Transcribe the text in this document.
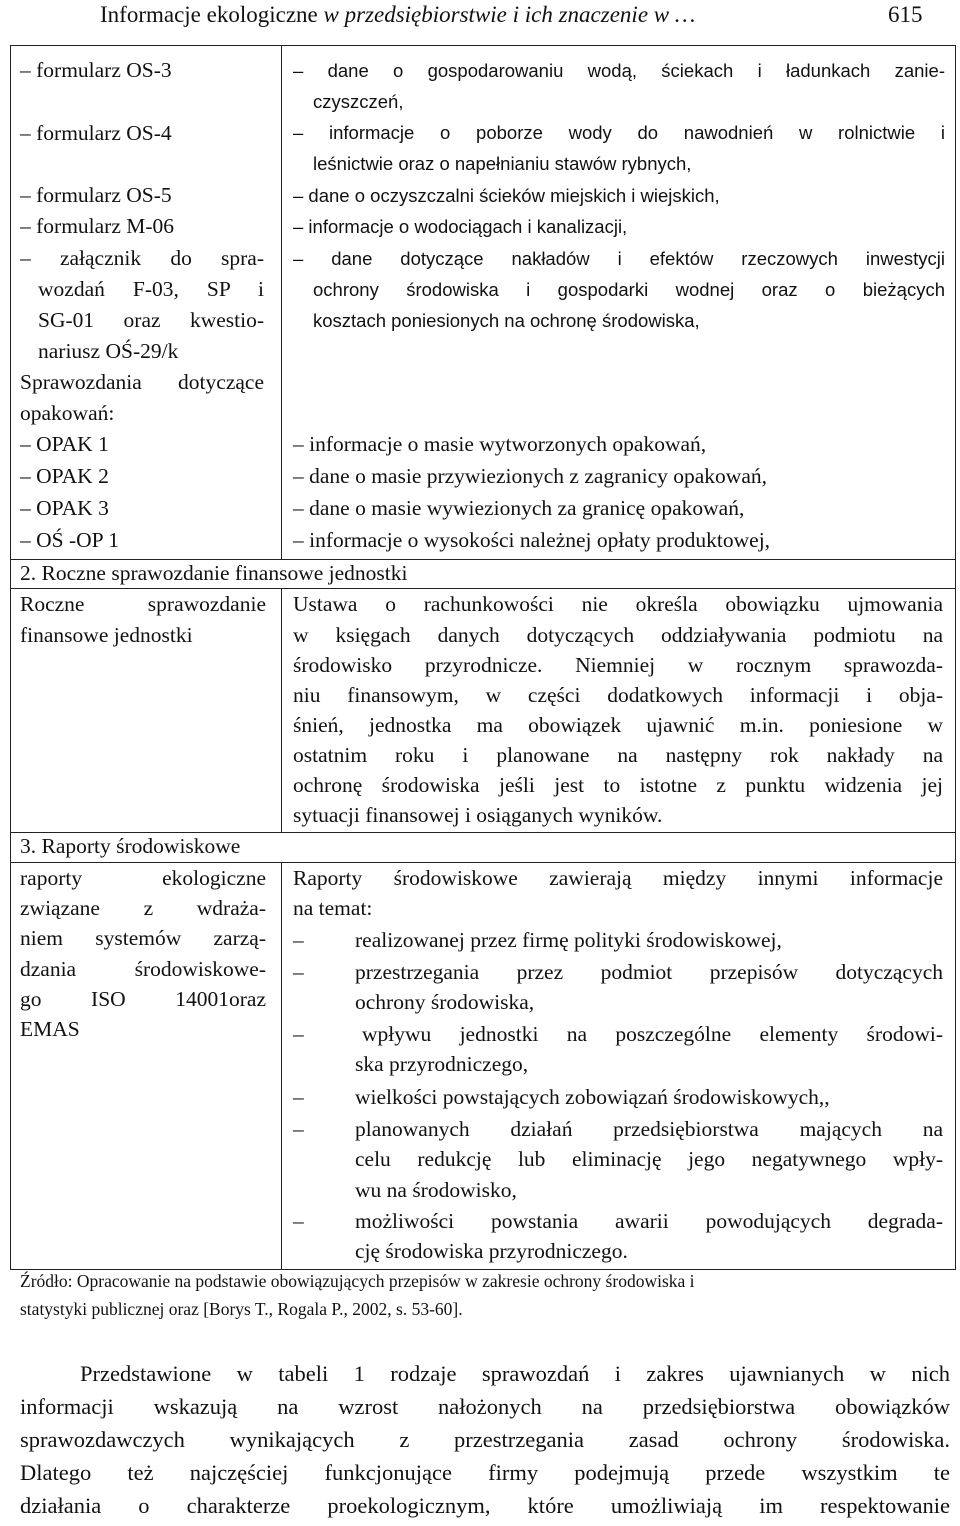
Informacje ekologiczne w przedsiębiorstwie i ich znaczenie w …	615
– formularz OS-3
– formularz OS-4
– formularz OS-5
– formularz M-06
– załącznik do spra-
wozdań F-03, SP i
SG-01 oraz kwestio-
nariusz OŚ-29/k
Sprawozdania dotyczące
opakowań:
– dane o gospodarowaniu wodą, ściekach i ładunkach zanie-
czyszczeń,
– informacje o poborze wody do nawodnień w rolnictwie i
leśnictwie oraz o napełnianiu stawów rybnych,
– dane o oczyszczalni ścieków miejskich i wiejskich,
– informacje o wodociągach i kanalizacji,
– dane dotyczące nakładów i efektów rzeczowych inwestycji
ochrony środowiska i gospodarki wodnej oraz o bieżących
kosztach poniesionych na ochronę środowiska,
– OPAK 1
– OPAK 2
– OPAK 3
– OŚ -OP 1
– informacje o masie wytworzonych opakowań,
– dane o masie przywiezionych z zagranicy opakowań,
– dane o masie wywiezionych za granicę opakowań,
– informacje o wysokości należnej opłaty produktowej,
2. Roczne sprawozdanie finansowe jednostki
Roczne sprawozdanie
finansowe jednostki
Ustawa o rachunkowości nie określa obowiązku ujmowania
w księgach danych dotyczących oddziaływania podmiotu na
środowisko przyrodnicze. Niemniej w rocznym sprawozda-
niu finansowym, w części dodatkowych informacji i obja-
śnień, jednostka ma obowiązek ujawnić m.in. poniesione w
ostatnim roku i planowane na następny rok nakłady na
ochronę środowiska jeśli jest to istotne z punktu widzenia jej
sytuacji finansowej i osiąganych wyników.
3. Raporty środowiskowe
raporty ekologiczne
związane z wdraża-
niem systemów zarzą-
dzania środowiskowe-
go ISO 14001oraz
EMAS
Raporty środowiskowe zawierają między innymi informacje
na temat:
– realizowanej przez firmę polityki środowiskowej,
– przestrzegania przez podmiot przepisów dotyczących
ochrony środowiska,
–	wpływu jednostki na poszczególne elementy środowi-
ska przyrodniczego,
– wielkości powstających zobowiązań środowiskowych,,
– planowanych działań przedsiębiorstwa mających na
celu redukcję lub eliminację jego negatywnego wpły-
wu na środowisko,
– możliwości powstania awarii powodujących degrada-
cję środowiska przyrodniczego.
Źródło: Opracowanie na podstawie obowiązujących przepisów w zakresie ochrony środowiska i
statystyki publicznej oraz [Borys T., Rogala P., 2002, s. 53-60].
Przedstawione w tabeli 1 rodzaje sprawozdań i zakres ujawnianych w nich
informacji wskazują na wzrost nałożonych na przedsiębiorstwa obowiązków
sprawozdawczych wynikających z przestrzegania zasad ochrony środowiska.
Dlatego też najczęściej funkcjonujące firmy podejmują przede wszystkim te
działania o charakterze proekologicznym, które umożliwiają im respektowanie
